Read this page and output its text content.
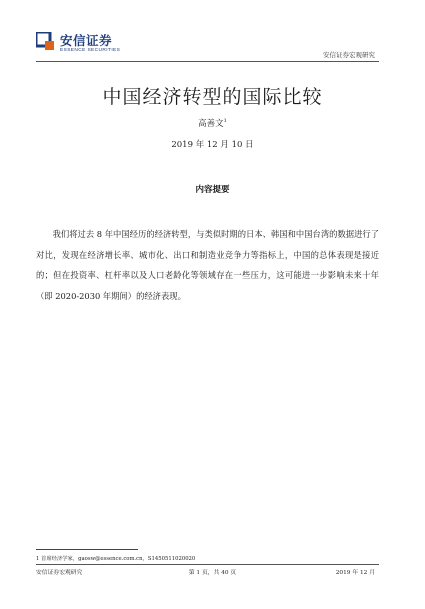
安信证券
ESSENCE SECURITIES
安信证券宏观研究
中国经济转型的国际比较
高善文$^1$
2019 年 12 月 10 日
内容提要
我们将过去 8 年中国经历的经济转型，与类似时期的日本、韩国和中国台湾的数据进行了对比，发现在经济增长率、城市化、出口和制造业竞争力等指标上，中国的总体表现是接近的；但在投资率、杠杆率以及人口老龄化等领域存在一些压力，这可能进一步影响未来十年（即 2020-2030 年期间）的经济表现。
1 首席经济学家，gaosw@essence.com.cn，S1450511020020
安信证券宏观研究	第 1 页，共 40 页	2019 年 12 月
